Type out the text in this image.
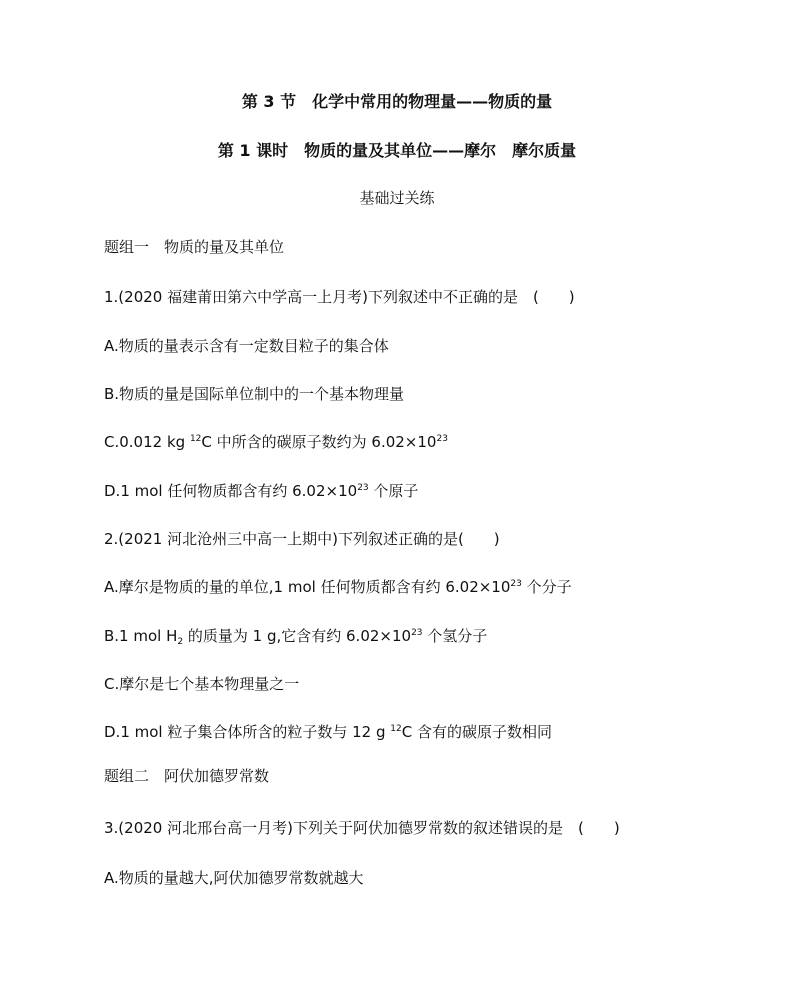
第 3 节　化学中常用的物理量——物质的量
第 1 课时　物质的量及其单位——摩尔　摩尔质量
基础过关练
题组一　物质的量及其单位
1.(2020 福建莆田第六中学高一上月考)下列叙述中不正确的是　(　　)
A.物质的量表示含有一定数目粒子的集合体
B.物质的量是国际单位制中的一个基本物理量
C.0.012 kg $^{12}$C 中所含的碳原子数约为 $6.02\times 10^{23}$
D.1 mol 任何物质都含有约 $6.02\times 10^{23}$ 个原子
2.(2021 河北沧州三中高一上期中)下列叙述正确的是(　　)
A.摩尔是物质的量的单位,1 mol 任何物质都含有约 $6.02\times 10^{23}$ 个分子
B.1 mol $H_2$ 的质量为 1 g,它含有约 $6.02\times 10^{23}$ 个氢分子
C.摩尔是七个基本物理量之一
D.1 mol 粒子集合体所含的粒子数与 12 g $^{12}$C 含有的碳原子数相同
题组二　阿伏加德罗常数
3.(2020 河北邢台高一月考)下列关于阿伏加德罗常数的叙述错误的是　(　　)
A.物质的量越大,阿伏加德罗常数就越大
